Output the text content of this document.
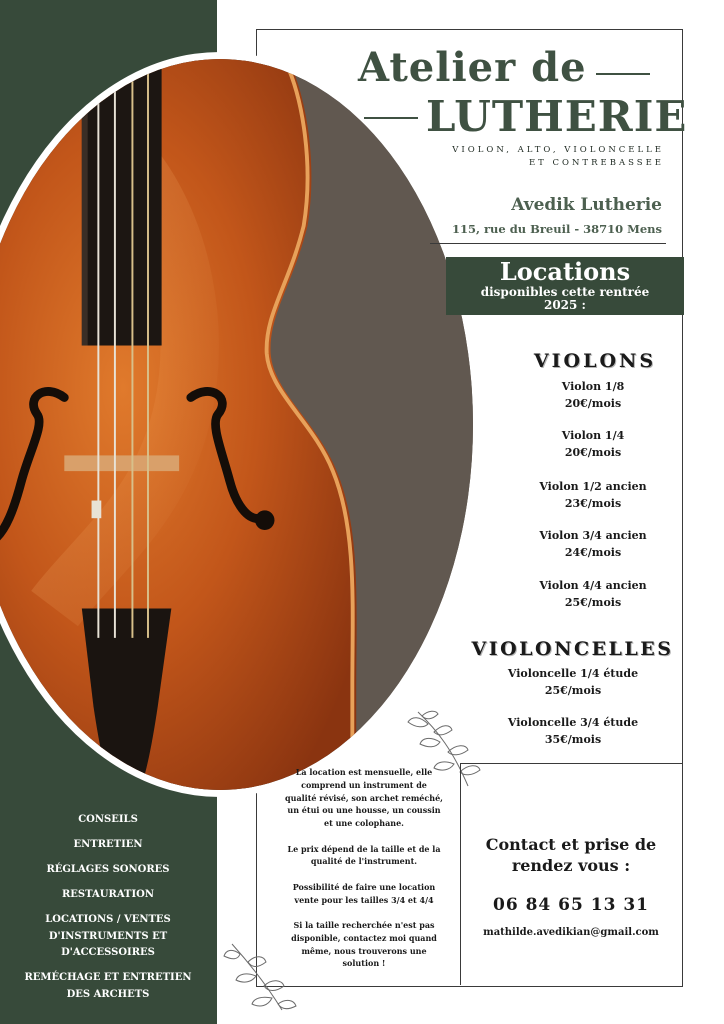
Atelier de
LUTHERIE
VIOLON, ALTO, VIOLONCELLE
ET CONTREBASSEE
Avedik Lutherie
115, rue du Breuil - 38710 Mens
Locations
disponibles cette rentrée
2025 :
VIOLONS
Violon 1/8
20€/mois
Violon 1/4
20€/mois
Violon 1/2 ancien
23€/mois
Violon 3/4 ancien
24€/mois
Violon 4/4 ancien
25€/mois
VIOLONCELLES
Violoncelle 1/4 étude
25€/mois
Violoncelle 3/4 étude
35€/mois

La location est mensuelle, elle comprend un instrument de qualité révisé, son archet reméché, un étui ou une housse, un coussin et une colophane.

Le prix dépend de la taille et de la qualité de l'instrument.

Possibilité de faire une location vente pour les tailles 3/4 et 4/4

Si la taille recherchée n'est pas disponible, contactez moi quand même, nous trouverons une solution !

Contact et prise de rendez vous :
06 84 65 13 31
mathilde.avedikian@gmail.com
CONSEILS
ENTRETIEN
RÉGLAGES SONORES
RESTAURATION
LOCATIONS / VENTES D'INSTRUMENTS ET D'ACCESSOIRES
REMÉCHAGE ET ENTRETIEN DES ARCHETS
